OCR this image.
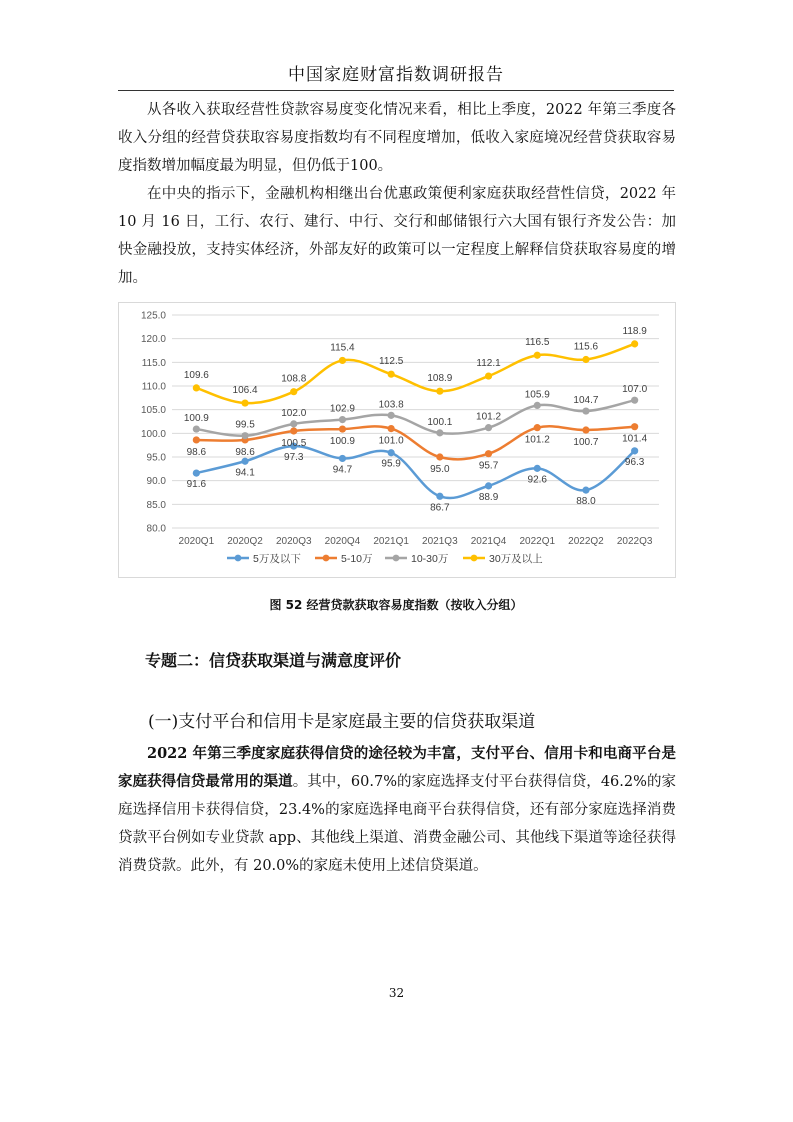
中国家庭财富指数调研报告

从各收入获取经营性贷款容易度变化情况来看，相比上季度，2022 年第三季度各收入分组的经营贷获取容易度指数均有不同程度增加，低收入家庭境况经营贷获取容易度指数增加幅度最为明显，但仍低于100。

在中央的指示下，金融机构相继出台优惠政策便利家庭获取经营性信贷，2022 年 10 月 16 日，工行、农行、建行、中行、交行和邮储银行六大国有银行齐发公告：加快金融投放，支持实体经济，外部友好的政策可以一定程度上解释信贷获取容易度的增加。

80.0
85.0
90.0
95.0
100.0
105.0
110.0
115.0
120.0
125.0
2020Q1 2020Q2 2020Q3 2020Q4 2021Q1 2021Q3 2021Q4 2022Q1 2022Q2 2022Q3
91.6
94.1
97.3
94.7
95.9
86.7
88.9
92.6
88.0
96.3
98.6	98.6
100.5 100.9 101.0
95.0	95.7
101.2 100.7 101.4
100.9
99.5
102.0 102.9 103.8
100.1 101.2
105.9
104.7
107.0
109.6
106.4
108.8
115.4
112.5
108.9
112.1
116.5 115.6
118.9
5万及以下	5-10万	10-30万	30万及以上
图 52 经营贷款获取容易度指数（按收入分组）
专题二：信贷获取渠道与满意度评价
(一)支付平台和信用卡是家庭最主要的信贷获取渠道

2022 年第三季度家庭获得信贷的途径较为丰富，支付平台、信用卡和电商平台是家庭获得信贷最常用的渠道。其中，60.7%的家庭选择支付平台获得信贷，46.2%的家庭选择信用卡获得信贷，23.4%的家庭选择电商平台获得信贷，还有部分家庭选择消费贷款平台例如专业贷款 app、其他线上渠道、消费金融公司、其他线下渠道等途径获得消费贷款。此外，有 20.0%的家庭未使用上述信贷渠道。

32
